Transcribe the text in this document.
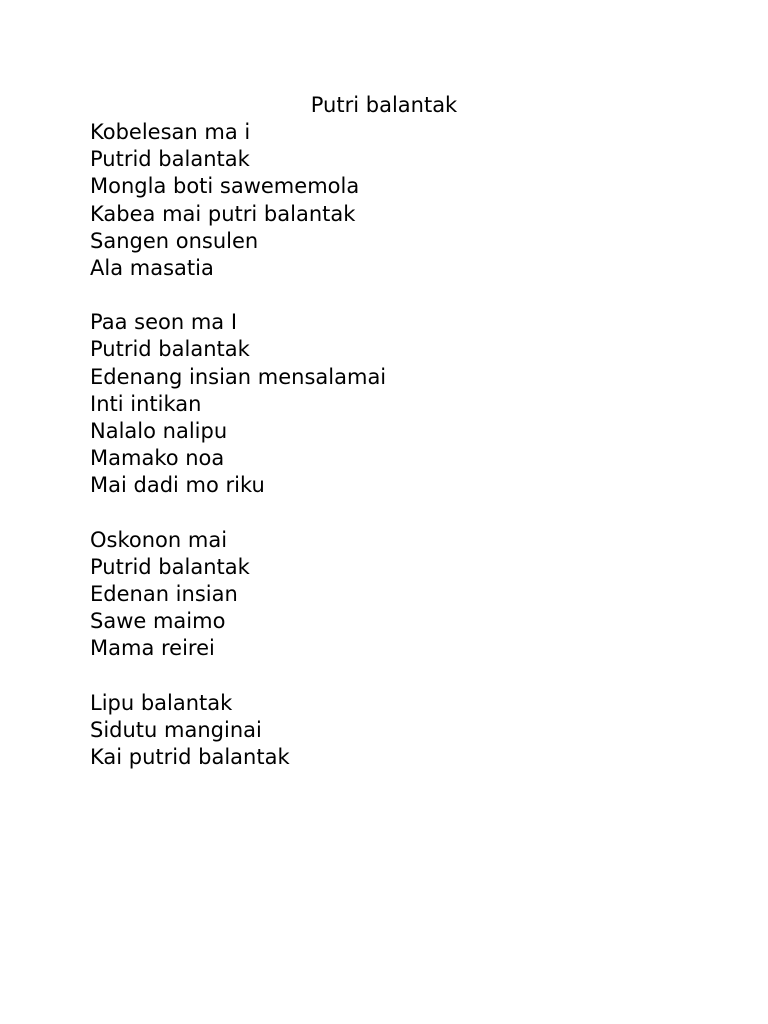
Putri balantak
Kobelesan ma i
Putrid balantak
Mongla boti sawememola
Kabea mai putri balantak
Sangen onsulen
Ala masatia
Paa seon ma I
Putrid balantak
Edenang insian mensalamai
Inti intikan
Nalalo nalipu
Mamako noa
Mai dadi mo riku
Oskonon mai
Putrid balantak
Edenan insian
Sawe maimo
Mama reirei
Lipu balantak
Sidutu manginai
Kai putrid balantak
